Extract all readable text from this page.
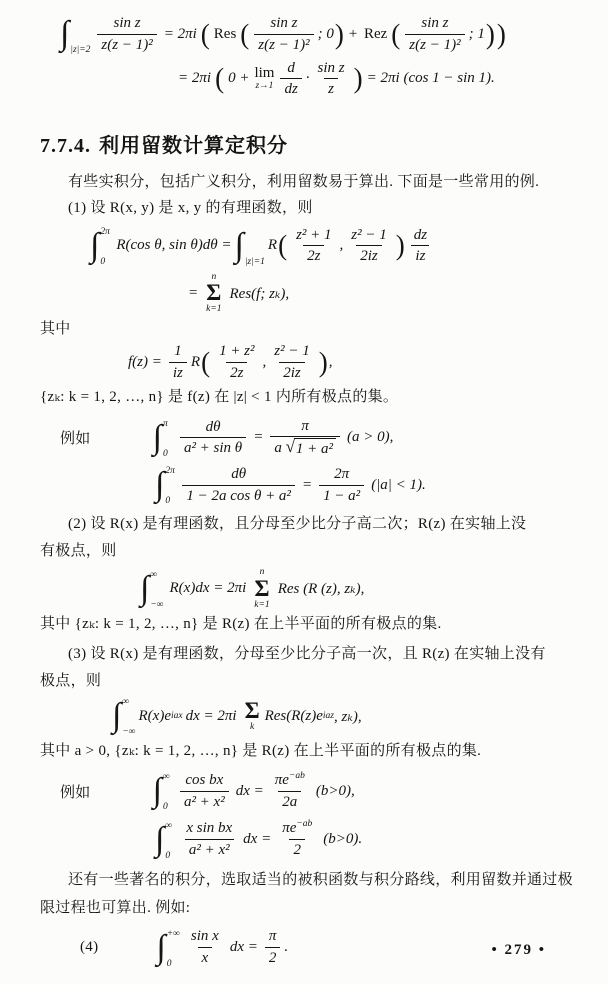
∫ $|z|=2 \frac{\text{sin z}}{\text{z(z − 1)²}} = 2\pi i$ ( Res ( $\frac{\text{sin z}}{\text{z(z − 1)²}}$ ; 0 ) + Rez ( $\frac{\text{sin z}}{\text{z(z − 1)²}}$ ; 1 ) )
= 2πi ( 0 + lim
$z\to 1 \frac{d}{dz} \cdot \frac{\text{sin z}}{z}$ ) = 2πi (cos 1 − sin 1).
7.7.4. 利用留数计算定积分
有些实积分，包括广义积分，利用留数易于算出. 下面是一些常用的例.
(1) 设 R(x, y) 是 x, y 的有理函数，则
∫ 2π
0
R(cos θ, sin θ)dθ = ∫ |z|=1
R ( $\frac{\text{z² + 1}}{2z}$ , $\frac{\text{z² − 1}}{2iz}$ ) $\frac{dz}{iz}$
=
n
Σ
k=1
Res(f; zₖ),
其中
$f(z) = \frac{1}{iz}$ R ( $\frac{\text{1 + z²}}{2z}$ , $\frac{\text{z² − 1}}{2iz}$ ) ,
{zₖ: k = 1, 2, …, n} 是 f(z) 在 |z| < 1 内所有极点的集。
例如 ∫ π
$0 \frac{d\theta}{\text{a² + sin θ}} = \frac{\pi}{\text{a √ 1 + a²}} (a > 0)$,
∫ 2π
$0 \frac{d\theta}{\text{1 − 2a cos θ + a²}} = \frac{2\pi}{\text{1 − a²}} (|a| < 1)$.
(2) 设 R(x) 是有理函数，且分母至少比分子高二次；R(z) 在实轴上没
有极点，则
∫ ∞
−∞
R(x)dx = 2πi
n
Σ
k=1
Res (R (z), zₖ),
其中 {zₖ: k = 1, 2, …, n} 是 R(z) 在上半平面的所有极点的集.
(3) 设 R(x) 是有理函数，分母至少比分子高一次，且 R(z) 在实轴上没有
极点，则
∫ ∞
−∞
R(x)e iax dx = 2πi Σ
k
Res(R(z)e iaz , zₖ),
其中 a > 0, {zₖ: k = 1, 2, …, n} 是 R(z) 在上半平面的所有极点的集.
例如 ∫ ∞
$0 \frac{\text{cos bx}}{\text{a² + x²}}$ dx = $\frac{\pi e^{-ab}}{2a} (b>0)$,
∫ ∞
$0 \frac{\text{x sin bx}}{\text{a² + x²}}$ dx = $\frac{\pi e^{-ab}}{2} (b>0)$.
还有一些著名的积分，选取适当的被积函数与积分路线，利用留数并通过极
限过程也可算出. 例如:
(4) ∫ +∞
$0 \frac{\text{sin x}}{x}$ dx = $\frac{\pi}{2}$ .	• 279 •
